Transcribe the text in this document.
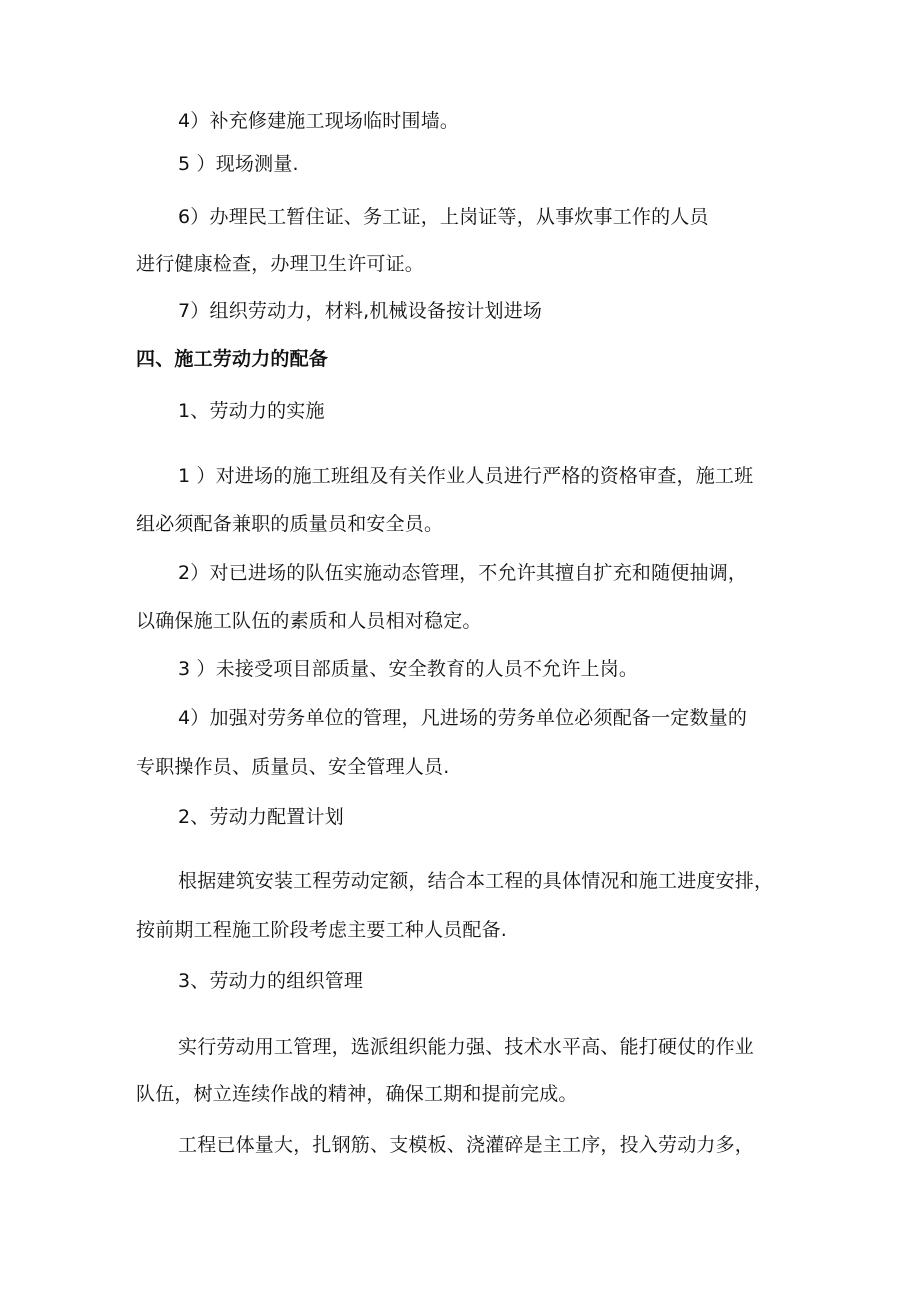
4）补充修建施工现场临时围墙。
5 ）现场测量.
6）办理民工暂住证、务工证，上岗证等，从事炊事工作的人员
进行健康检查，办理卫生许可证。
7）组织劳动力，材料,机械设备按计划进场
四、施工劳动力的配备
1、劳动力的实施
1 ）对进场的施工班组及有关作业人员进行严格的资格审查，施工班
组必须配备兼职的质量员和安全员。
2）对已进场的队伍实施动态管理，不允许其擅自扩充和随便抽调，
以确保施工队伍的素质和人员相对稳定。
3 ）未接受项目部质量、安全教育的人员不允许上岗。
4）加强对劳务单位的管理，凡进场的劳务单位必须配备一定数量的
专职操作员、质量员、安全管理人员.
2、劳动力配置计划
根据建筑安装工程劳动定额，结合本工程的具体情况和施工进度安排，
按前期工程施工阶段考虑主要工种人员配备.
3、劳动力的组织管理
实行劳动用工管理，选派组织能力强、技术水平高、能打硬仗的作业
队伍，树立连续作战的精神，确保工期和提前完成。
工程已体量大，扎钢筋、支模板、浇灌碎是主工序，投入劳动力多，
